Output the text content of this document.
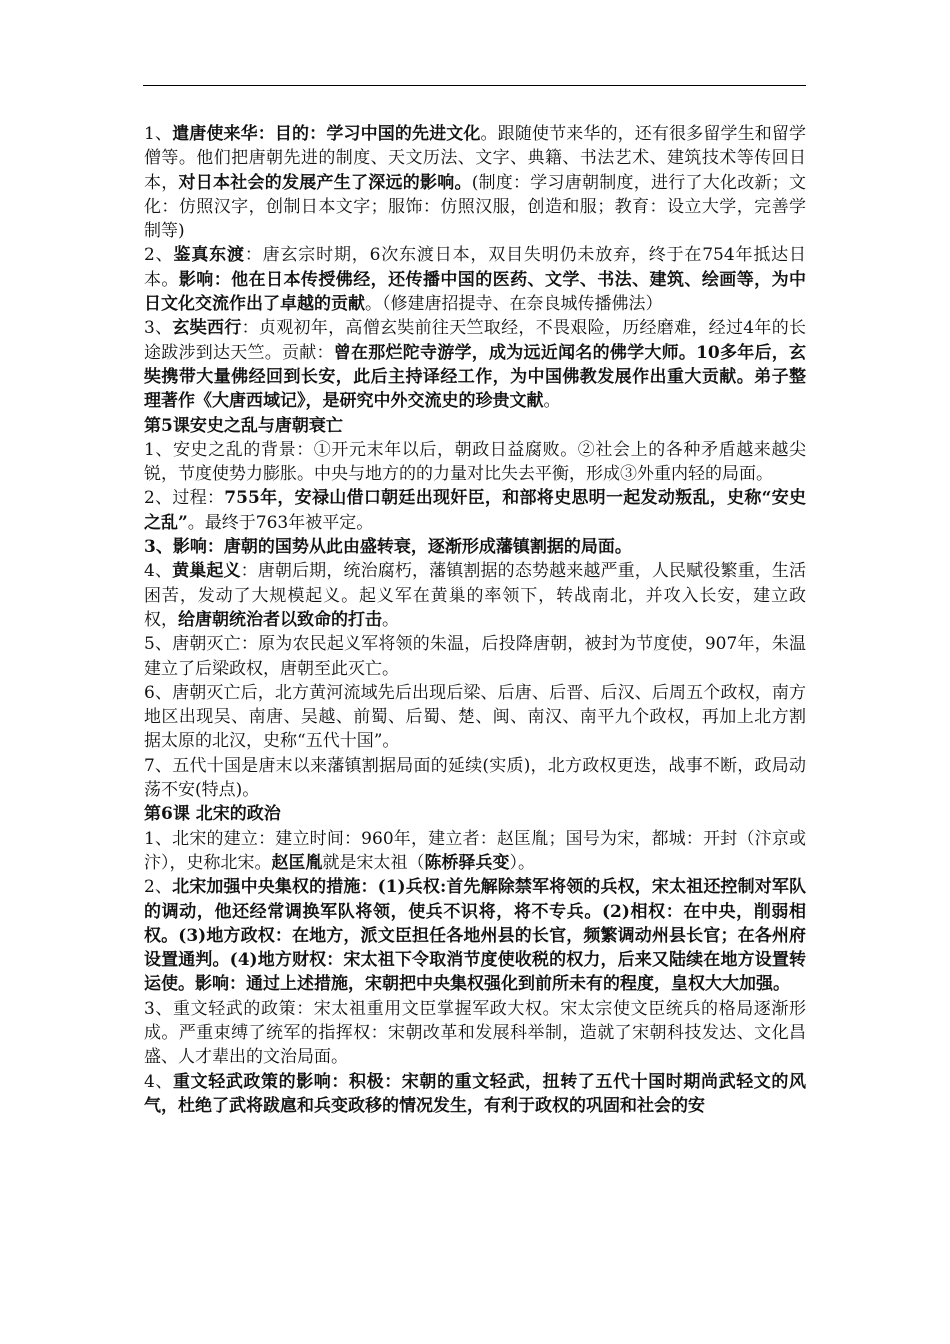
1、遣唐使来华：目的：学习中国的先进文化。跟随使节来华的，还有很多留学生和留学僧等。他们把唐朝先进的制度、天文历法、文字、典籍、书法艺术、建筑技术等传回日本，对日本社会的发展产生了深远的影响。(制度：学习唐朝制度，进行了大化改新；文化：仿照汉字，创制日本文字；服饰：仿照汉服，创造和服；教育：设立大学，完善学制等)

2、鉴真东渡：唐玄宗时期，6次东渡日本，双目失明仍未放弃，终于在754年抵达日本。影响：他在日本传授佛经，还传播中国的医药、文学、书法、建筑、绘画等，为中日文化交流作出了卓越的贡献。（修建唐招提寺、在奈良城传播佛法）

3、玄奘西行：贞观初年，高僧玄奘前往天竺取经，不畏艰险，历经磨难，经过4年的长途跋涉到达天竺。贡献：曾在那烂陀寺游学，成为远近闻名的佛学大师。10多年后，玄奘携带大量佛经回到长安，此后主持译经工作，为中国佛教发展作出重大贡献。弟子整理著作《大唐西域记》，是研究中外交流史的珍贵文献。

第5课安史之乱与唐朝衰亡

1、安史之乱的背景：①开元末年以后，朝政日益腐败。②社会上的各种矛盾越来越尖锐，节度使势力膨胀。中央与地方的的力量对比失去平衡，形成③外重内轻的局面。

2、过程：755年，安禄山借口朝廷出现奸臣，和部将史思明一起发动叛乱，史称“安史之乱”。最终于763年被平定。

3、影响：唐朝的国势从此由盛转衰，逐渐形成藩镇割据的局面。

4、黄巢起义：唐朝后期，统治腐朽，藩镇割据的态势越来越严重，人民赋役繁重，生活困苦，发动了大规模起义。起义军在黄巢的率领下，转战南北，并攻入长安，建立政权，给唐朝统治者以致命的打击。

5、唐朝灭亡：原为农民起义军将领的朱温，后投降唐朝，被封为节度使，907年，朱温建立了后梁政权，唐朝至此灭亡。

6、唐朝灭亡后，北方黄河流域先后出现后梁、后唐、后晋、后汉、后周五个政权，南方地区出现吴、南唐、吴越、前蜀、后蜀、楚、闽、南汉、南平九个政权，再加上北方割据太原的北汉，史称“五代十国”。

7、五代十国是唐末以来藩镇割据局面的延续(实质)，北方政权更迭，战事不断，政局动荡不安(特点)。

第6课 北宋的政治

1、北宋的建立：建立时间：960年，建立者：赵匡胤；国号为宋，都城：开封（汴京或汴），史称北宋。赵匡胤就是宋太祖（陈桥驿兵变）。

2、北宋加强中央集权的措施：(1)兵权:首先解除禁军将领的兵权，宋太祖还控制对军队的调动，他还经常调换军队将领，使兵不识将，将不专兵。(2)相权：在中央，削弱相权。(3)地方政权：在地方，派文臣担任各地州县的长官，频繁调动州县长官；在各州府设置通判。(4)地方财权：宋太祖下令取消节度使收税的权力，后来又陆续在地方设置转运使。影响：通过上述措施，宋朝把中央集权强化到前所未有的程度，皇权大大加强。

3、重文轻武的政策：宋太祖重用文臣掌握军政大权。宋太宗使文臣统兵的格局逐渐形成。严重束缚了统军的指挥权：宋朝改革和发展科举制，造就了宋朝科技发达、文化昌盛、人才辈出的文治局面。

4、重文轻武政策的影响：积极：宋朝的重文轻武，扭转了五代十国时期尚武轻文的风气，杜绝了武将跋扈和兵变政移的情况发生，有利于政权的巩固和社会的安
